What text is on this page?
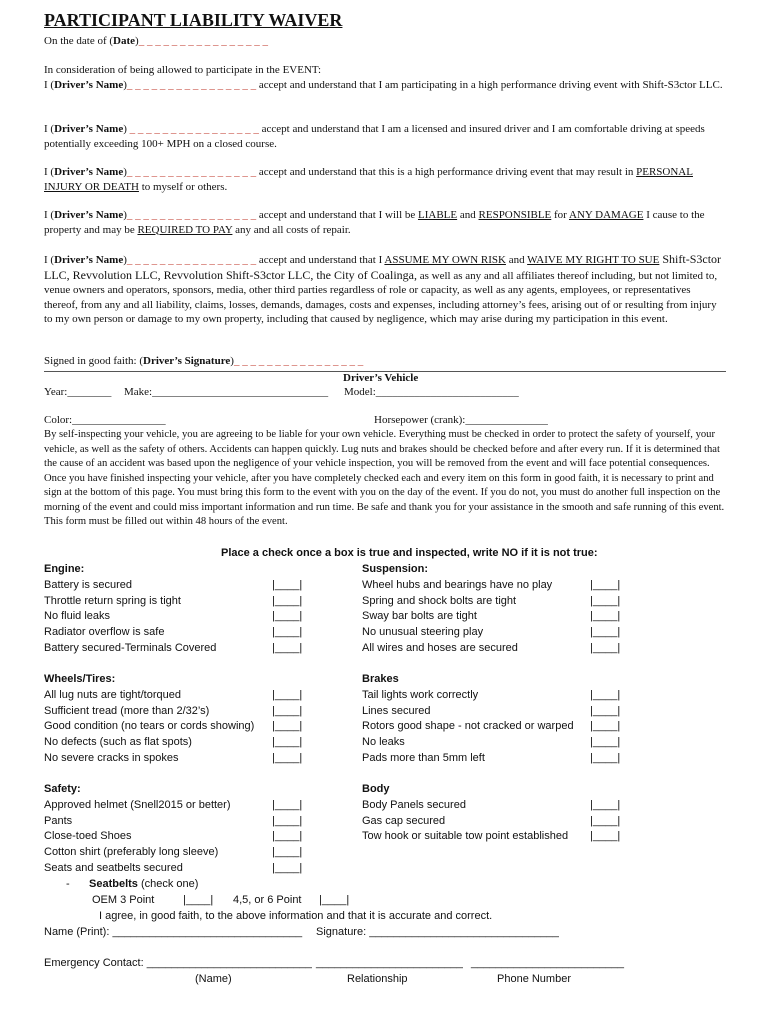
PARTICIPANT LIABILITY WAIVER
On the date of (Date)_ _ _ _ _ _ _ _ _ _ _ _ _ _ _ _
In consideration of being allowed to participate in the EVENT:
I (Driver’s Name)_ _ _ _ _ _ _ _ _ _ _ _ _ _ _ _ accept and understand that I am participating in a high performance driving event with Shift-S3ctor LLC.
I (Driver’s Name) _ _ _ _ _ _ _ _ _ _ _ _ _ _ _ _ accept and understand that I am a licensed and insured driver and I am comfortable driving at speeds potentially exceeding 100+ MPH on a closed course.
I (Driver’s Name)_ _ _ _ _ _ _ _ _ _ _ _ _ _ _ _ accept and understand that this is a high performance driving event that may result in PERSONAL INJURY OR DEATH to myself or others.
I (Driver’s Name)_ _ _ _ _ _ _ _ _ _ _ _ _ _ _ _ accept and understand that I will be LIABLE and RESPONSIBLE for ANY DAMAGE I cause to the property and may be REQUIRED TO PAY any and all costs of repair.
I (Driver’s Name)_ _ _ _ _ _ _ _ _ _ _ _ _ _ _ _ accept and understand that I ASSUME MY OWN RISK and WAIVE MY RIGHT TO SUE Shift-S3ctor LLC, Revvolution LLC, Revvolution Shift-S3ctor LLC, the City of Coalinga, as well as any and all affiliates thereof including, but not limited to, venue owners and operators, sponsors, media, other third parties regardless of role or capacity, as well as any agents, employees, or representatives thereof, from any and all liability, claims, losses, demands, damages, costs and expenses, including attorney’s fees, arising out of or resulting from injury to my own person or damage to my own property, including that caused by negligence, which may arise during my participation in this event.
Signed in good faith: (Driver’s Signature)_ _ _ _ _ _ _ _ _ _ _ _ _ _ _ _
Driver’s Vehicle
Year:________ Make:________________________________ Model:__________________________
Color:_________________	Horsepower (crank):_______________
By self-inspecting your vehicle, you are agreeing to be liable for your own vehicle. Everything must be checked in order to protect the safety of yourself, your vehicle, as well as the safety of others. Accidents can happen quickly. Lug nuts and brakes should be checked before and after every run. If it is determined that the cause of an accident was based upon the negligence of your vehicle inspection, you will be removed from the event and will face potential consequences. Once you have finished inspecting your vehicle, after you have completely checked each and every item on this form in good faith, it is necessary to print and sign at the bottom of this page. You must bring this form to the event with you on the day of the event. If you do not, you must do another full inspection on the morning of the event and could miss important information and run time. Be safe and thank you for your assistance in the smooth and safe running of this event. This form must be filled out within 48 hours of the event.
Place a check once a box is true and inspected, write NO if it is not true:
Engine:
Battery is secured	|____|
Throttle return spring is tight	|____|
No fluid leaks	|____|
Radiator overflow is safe	|____|
Battery secured-Terminals Covered	|____|
Suspension:
Wheel hubs and bearings have no play	|____|
Spring and shock bolts are tight	|____|
Sway bar bolts are tight	|____|
No unusual steering play	|____|
All wires and hoses are secured	|____|
Wheels/Tires:
All lug nuts are tight/torqued	|____|
Sufficient tread (more than 2/32’s)	|____|
Good condition (no tears or cords showing) |____|
No defects (such as flat spots)	|____|
No severe cracks in spokes	|____|
Brakes
Tail lights work correctly	|____|
Lines secured	|____|
Rotors good shape - not cracked or warped |____|
No leaks	|____|
Pads more than 5mm left	|____|
Safety:
Approved helmet (Snell2015 or better)	|____|
Pants	|____|
Close-toed Shoes	|____|
Cotton shirt (preferably long sleeve)	|____|
Seats and seatbelts secured	|____|
Body
Body Panels secured	|____|
Gas cap secured	|____|
Tow hook or suitable tow point established |____|
- Seatbelts (check one)
OEM 3 Point	|____| 4,5, or 6 Point |____|
I agree, in good faith, to the above information and that it is accurate and correct.
Name (Print): _______________________________ Signature: _______________________________
Emergency Contact: ___________________________ ________________________ _________________________
(Name)	Relationship	Phone Number
